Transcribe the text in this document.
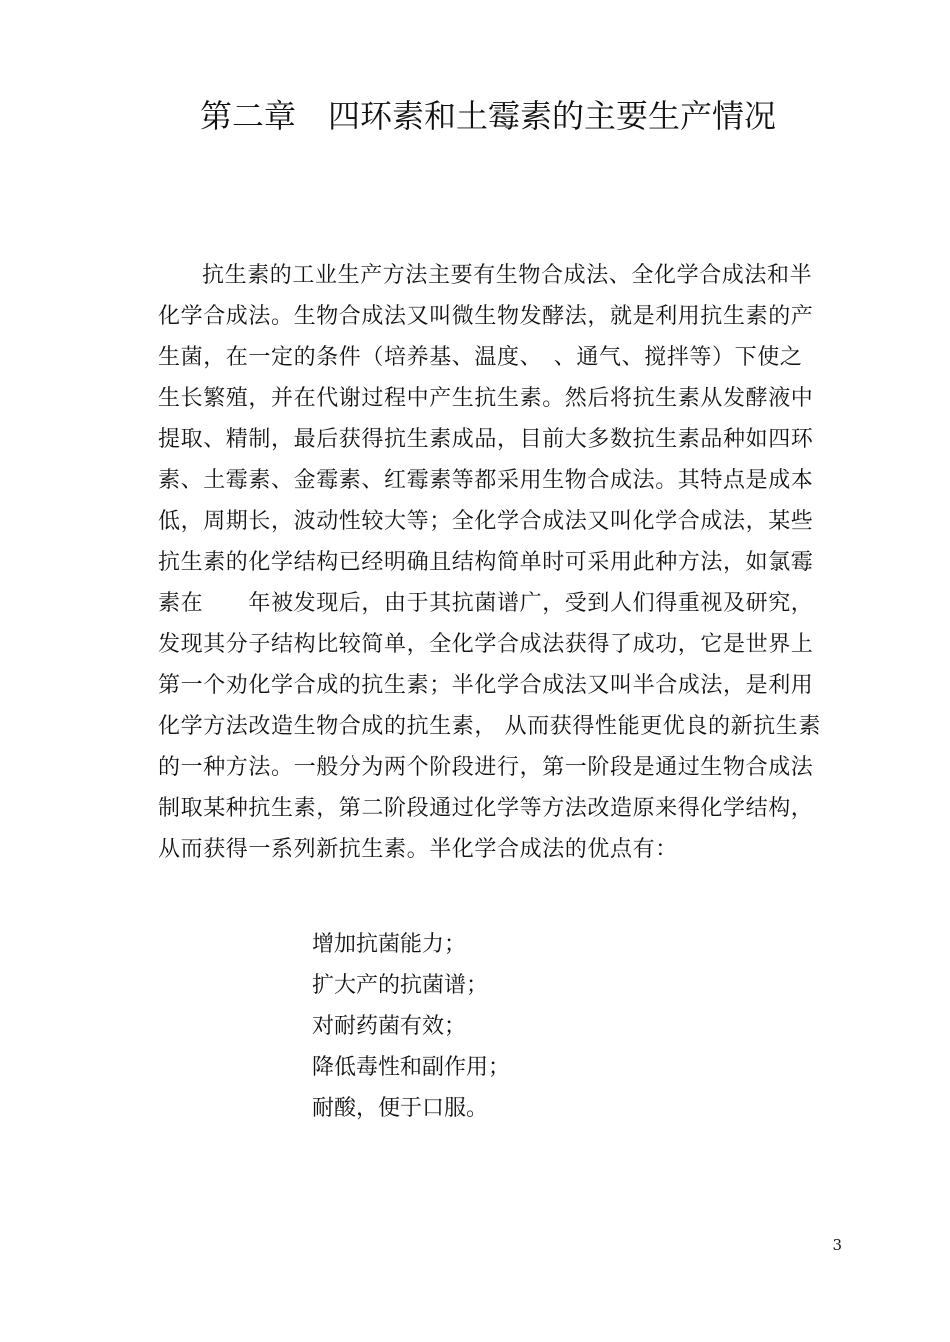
第二章　四环素和土霉素的主要生产情况
抗生素的工业生产方法主要有生物合成法、全化学合成法和半
化学合成法。生物合成法又叫微生物发酵法，就是利用抗生素的产
生菌，在一定的条件（培养基、温度、　、通气、搅拌等）下使之
生长繁殖，并在代谢过程中产生抗生素。然后将抗生素从发酵液中
提取、精制，最后获得抗生素成品，目前大多数抗生素品种如四环
素、土霉素、金霉素、红霉素等都采用生物合成法。其特点是成本
低，周期长，波动性较大等；全化学合成法又叫化学合成法，某些
抗生素的化学结构已经明确且结构简单时可采用此种方法，如氯霉
素在　　年被发现后，由于其抗菌谱广，受到人们得重视及研究，
发现其分子结构比较简单，全化学合成法获得了成功，它是世界上
第一个劝化学合成的抗生素；半化学合成法又叫半合成法，是利用
化学方法改造生物合成的抗生素， 从而获得性能更优良的新抗生素
的一种方法。一般分为两个阶段进行，第一阶段是通过生物合成法
制取某种抗生素，第二阶段通过化学等方法改造原来得化学结构，
从而获得一系列新抗生素。半化学合成法的优点有：
增加抗菌能力；
扩大产的抗菌谱；
对耐药菌有效；
降低毒性和副作用；
耐酸，便于口服。
3
